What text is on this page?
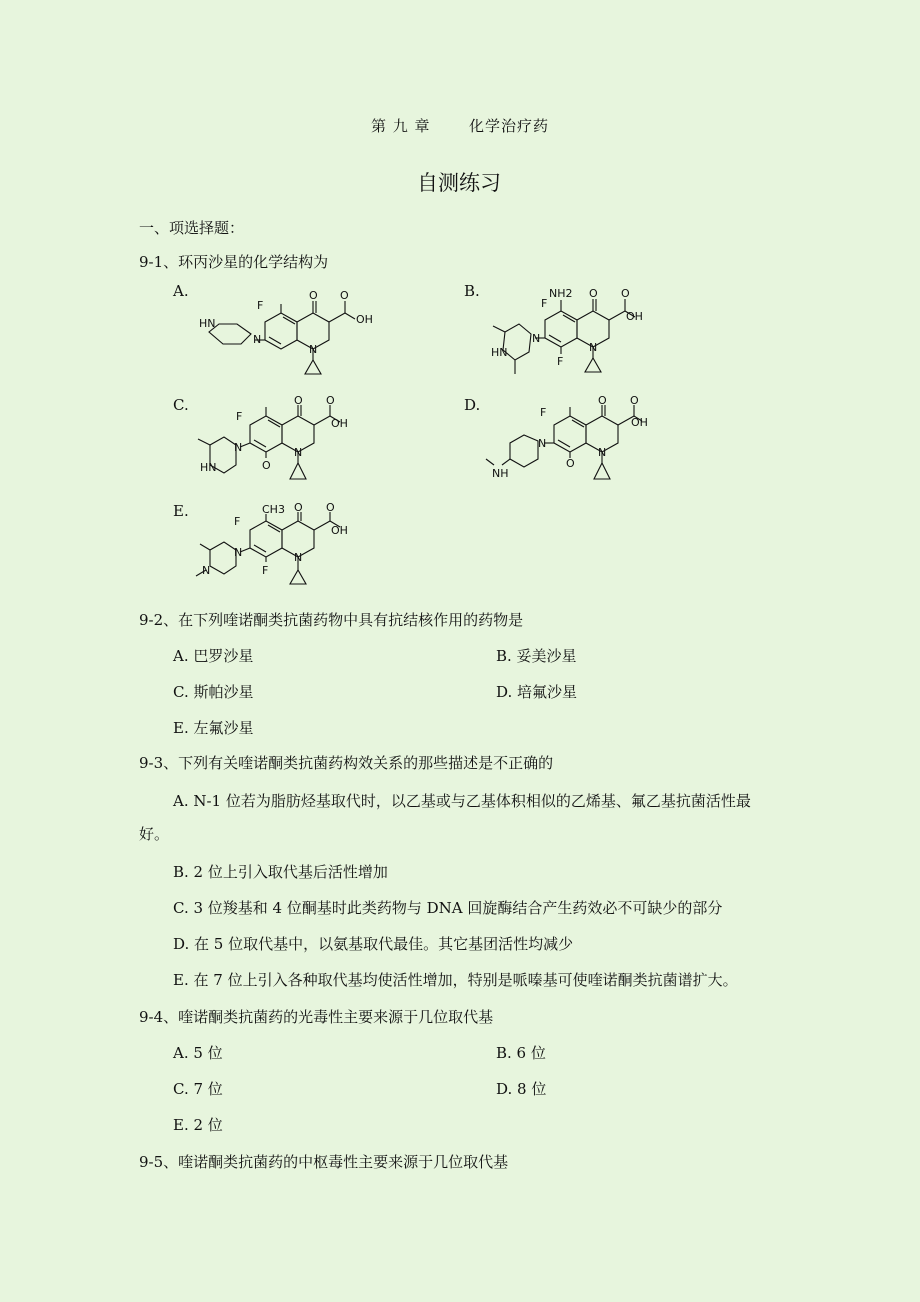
第 九 章	化学治疗药
自测练习
一、项选择题：
9-1、环丙沙星的化学结构为
A.	B.
C.	D.
E.
F
O O
OH
N
N
HN
F
NH2 O O
OH
N
F
N
HN
F
O O
OH
N
O
N
HN
F
O O
OH
N
O
N
NH
F
CH3 O O
OH
N
F
N
N
9-2、在下列喹诺酮类抗菌药物中具有抗结核作用的药物是
A. 巴罗沙星	B. 妥美沙星
C. 斯帕沙星	D. 培氟沙星
E. 左氟沙星
9-3、下列有关喹诺酮类抗菌药构效关系的那些描述是不正确的
A. N-1 位若为脂肪烃基取代时，以乙基或与乙基体积相似的乙烯基、氟乙基抗菌活性最
好。
B. 2 位上引入取代基后活性增加
C. 3 位羧基和 4 位酮基时此类药物与 DNA 回旋酶结合产生药效必不可缺少的部分
D. 在 5 位取代基中，以氨基取代最佳。其它基团活性均减少
E. 在 7 位上引入各种取代基均使活性增加，特别是哌嗪基可使喹诺酮类抗菌谱扩大。
9-4、喹诺酮类抗菌药的光毒性主要来源于几位取代基
A. 5 位	B. 6 位
C. 7 位	D. 8 位
E. 2 位
9-5、喹诺酮类抗菌药的中枢毒性主要来源于几位取代基
